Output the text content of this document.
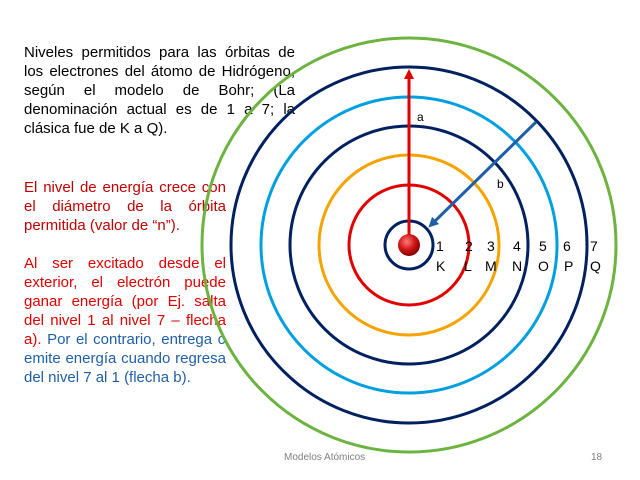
Niveles permitidos para las órbitas de los electrones del átomo de Hidrógeno, según el modelo de Bohr; (La denominación actual es de 1 a 7; la clásica fue de K a Q).
El nivel de energía crece con el diámetro de la órbita permitida (valor de “n”).
Al ser excitado desde el exterior, el electrón puede ganar energía (por Ej. salta del nivel 1 al nivel 7 – flecha a). Por el contrario, entrega o emite energía cuando regresa del nivel 7 al 1 (flecha b).
a
b
1 2 3 4 5 6 7
K L M N O P Q
Modelos Atómicos	18
